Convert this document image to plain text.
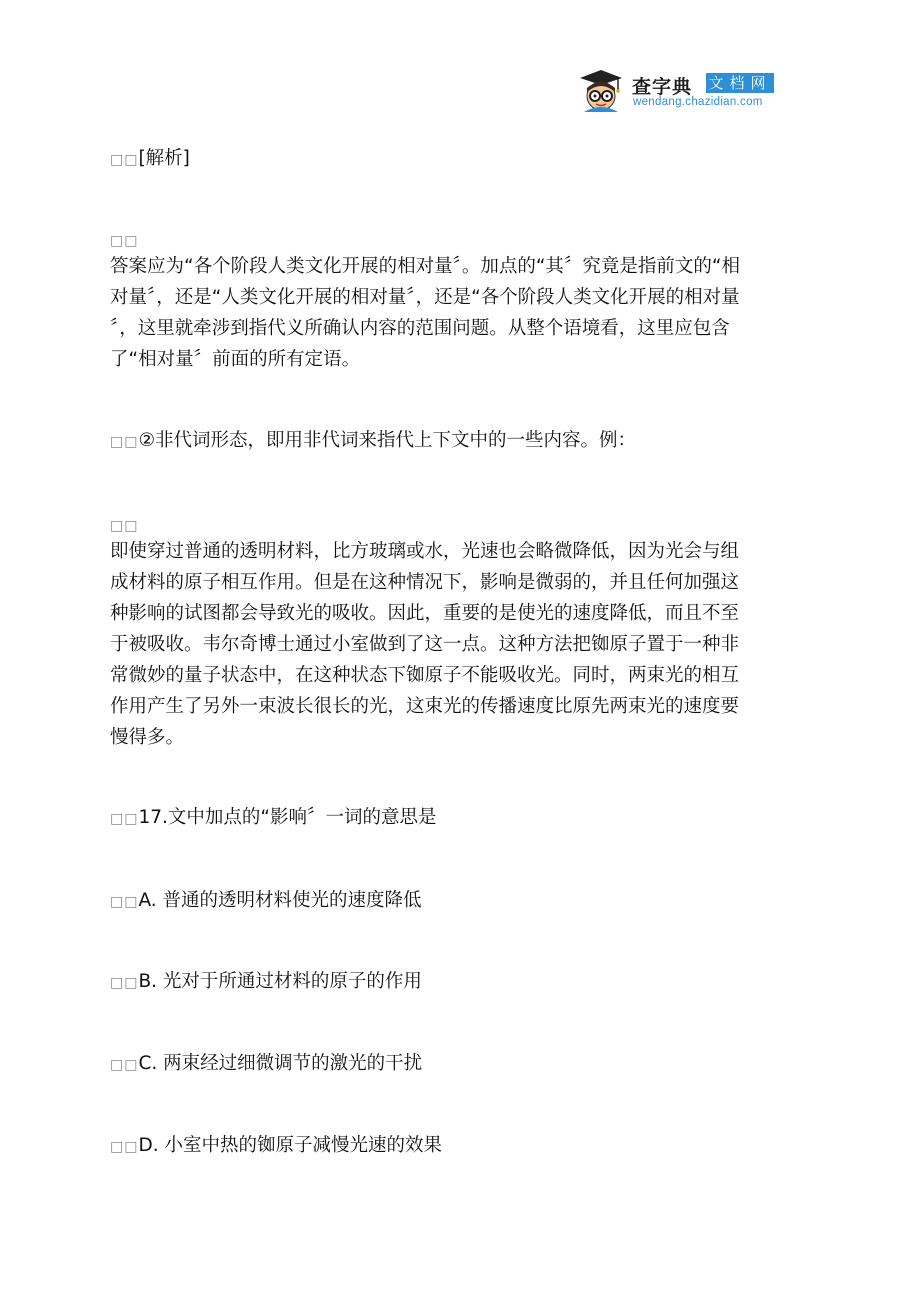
查字典 文档网
wendang.chazidian.com
□□[解析]
□□
答案应为“各个阶段人类文化开展的相对量〞。加点的“其〞究竟是指前文的“相
对量〞，还是“人类文化开展的相对量〞，还是“各个阶段人类文化开展的相对量
〞，这里就牵涉到指代义所确认内容的范围问题。从整个语境看，这里应包含
了“相对量〞前面的所有定语。
□□②非代词形态，即用非代词来指代上下文中的一些内容。例：
□□
即使穿过普通的透明材料，比方玻璃或水，光速也会略微降低，因为光会与组
成材料的原子相互作用。但是在这种情况下，影响是微弱的，并且任何加强这
种影响的试图都会导致光的吸收。因此，重要的是使光的速度降低，而且不至
于被吸收。韦尔奇博士通过小室做到了这一点。这种方法把铷原子置于一种非
常微妙的量子状态中，在这种状态下铷原子不能吸收光。同时，两束光的相互
作用产生了另外一束波长很长的光，这束光的传播速度比原先两束光的速度要
慢得多。
□□17.文中加点的“影响〞一词的意思是
□□A. 普通的透明材料使光的速度降低
□□B. 光对于所通过材料的原子的作用
□□C. 两束经过细微调节的激光的干扰
□□D. 小室中热的铷原子减慢光速的效果
